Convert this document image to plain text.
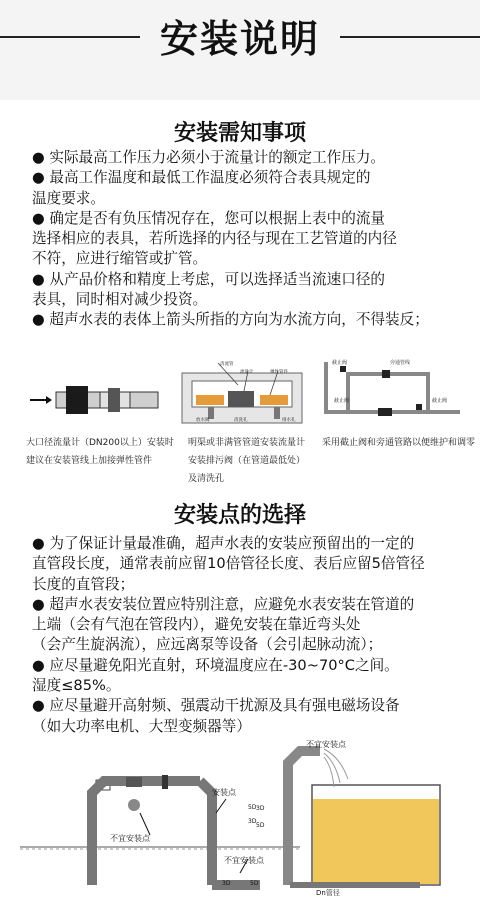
安装说明
安装需知事项

● 实际最高工作压力必须小于流量计的额定工作压力。

● 最高工作温度和最低工作温度必须符合表具规定的

温度要求。

● 确定是否有负压情况存在，您可以根据上表中的流量

选择相应的表具，若所选择的内径与现在工艺管道的内径

不符，应进行缩管或扩管。

● 从产品价格和精度上考虑，可以选择适当流速口径的

表具，同时相对减少投资。

● 超声水表的表体上箭头所指的方向为水流方向，不得装反；

大口径流量计（DN200以上）安装时
建议在安装管线上加接弹性管件
清流管
流量计	弹性管件
放水阀	排水孔
清洗孔
明渠或非满管管道安装流量计
安装排污阀（在管道最低处）
及清洗孔
旁通管线
截止阀
截止阀	截止阀
采用截止阀和旁通管路以便维护和调零
安装点的选择

● 为了保证计量最准确，超声水表的安装应预留出的一定的

直管段长度，通常表前应留10倍管径长度、表后应留5倍管径

长度的直管段；

● 超声水表安装位置应特别注意，应避免水表安装在管道的

上端（会有气泡在管段内），避免安装在靠近弯头处

（会产生旋涡流），应远离泵等设备（会引起脉动流）；

● 应尽量避免阳光直射，环境温度应在-30~70°C之间。

湿度≤85%。

● 应尽量避开高射频、强震动干扰源及具有强电磁场设备

（如大功率电机、大型变频器等）

安装点
不宜安装点
不宜安装点
5D
3D
3D	5D
不宜安装点
3D
5D
Dn管径
